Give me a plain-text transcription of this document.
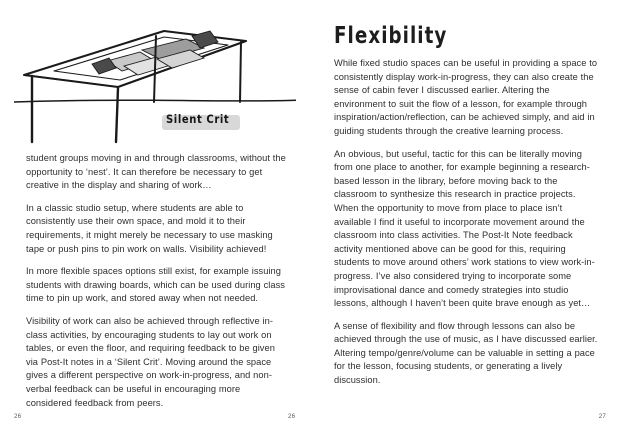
Silent Crit

student groups moving in and through classrooms, without the opportunity to ‘nest’. It can therefore be necessary to get creative in the display and sharing of work…

In a classic studio setup, where students are able to consistently use their own space, and mold it to their requirements, it might merely be necessary to use masking tape or push pins to pin work on walls. Visibility achieved!

In more flexible spaces options still exist, for example issuing students with drawing boards, which can be used during class time to pin up work, and stored away when not needed.

Visibility of work can also be achieved through reflective in-class activities, by encouraging students to lay out work on tables, or even the floor, and requiring feedback to be given via Post-It notes in a ‘Silent Crit’. Moving around the space gives a different perspective on work-in-progress, and non-verbal feedback can be useful in encouraging more considered feedback from peers.

26
Flexibility

While fixed studio spaces can be useful in providing a space to consistently display work-in-progress, they can also create the sense of cabin fever I discussed earlier. Altering the environment to suit the flow of a lesson, for example through inspiration/action/reflection, can be achieved simply, and aid in guiding students through the creative learning process.

An obvious, but useful, tactic for this can be literally moving from one place to another, for example beginning a research-based lesson in the library, before moving back to the classroom to synthesize this research in practice projects. When the opportunity to move from place to place isn’t available I find it useful to incorporate movement around the classroom into class activities. The Post-It Note feedback activity mentioned above can be good for this, requiring students to move around others’ work stations to view work-in-progress. I’ve also considered trying to incorporate some improvisational dance and comedy strategies into studio lessons, although I haven’t been quite brave enough as yet…

A sense of flexibility and flow through lessons can also be achieved through the use of music, as I have discussed earlier. Altering tempo/genre/volume can be valuable in setting a pace for the lesson, focusing students, or generating a lively discussion.

27
26
